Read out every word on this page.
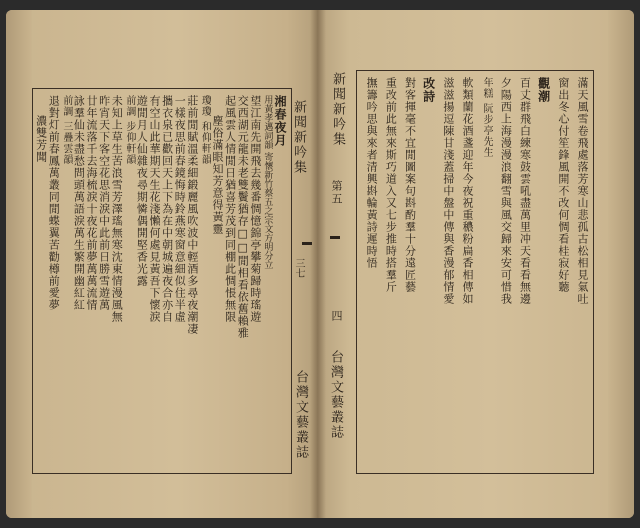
湘春夜月
用黃孝邁詞韻 寄懷新竹蔡五之宗文方明分立
望江南先開飛去幾番惆憶錦亭攀菊歸時瑤遊
交西湖元龍未老雙鬢猶存□□閒相看依舊賴雅
起風雲人情閒日猶喜芳茂到同棚此惆悵無限
塵俗滿眼知芳意得黃靈
瓊瓊 和仰軒韻
莊前閒賦溫柔細鍛麗風吹波中輕酒多尋夜潮凄
一樣夜思前春鏡悔時鈴燕寒窗意細似住半虛
攜衣泉已歡回天上下為在中朝城遍夜合亦自
有空山此華期天生花淺懶何處見黃吾下懷淚
遊閒月人仙雜夜尋期憐偶開堅香光露
前調 步仰軒韻
未知上草生苦浪雪芳澤瑤無寒沈東情漫風無
昨宵天下客空花思消淚中此前日勝雪遊萬
廿年流落千去海梳淚十夜花前夢萬萬流情
詠羣仙未盡愁問頭萬語淚萬生繁開幽紅紅
前調 三疊雲韻
退對灯前春鳳萬叢同閒蝶翼苦勸樽前愛夢
濃雙芳聞	新聞新吟集
三七
台灣文藝叢誌
新聞新吟集
第五
四
台灣文藝叢誌
滿天風雪卷飛處落芳寒山悲孤古松相見氣吐
窗出冬心付笙鋒風開不改何惆看桂寂好聽
觀潮
百丈群飛白練寒鼓雲吼盡萬里冲天看看無邊
夕陽西上海漫漫浪翻雪與風交歸來安可惜我
年糕 阮步亭先生
軟類蘭花酒盞迎年今夜祝重穠粉扁香相傳如
滋滋揚逗陳甘淺蓋掃中盤中傳與香漫郁情愛
改詩
對客揮毫不宜閒圖案句斟酌羣十分遠匠藝
重改前此無來斯巧道入又七步推時搭羣斤
撫籌吟思與來者清興斟輪黃詩遲時悟
